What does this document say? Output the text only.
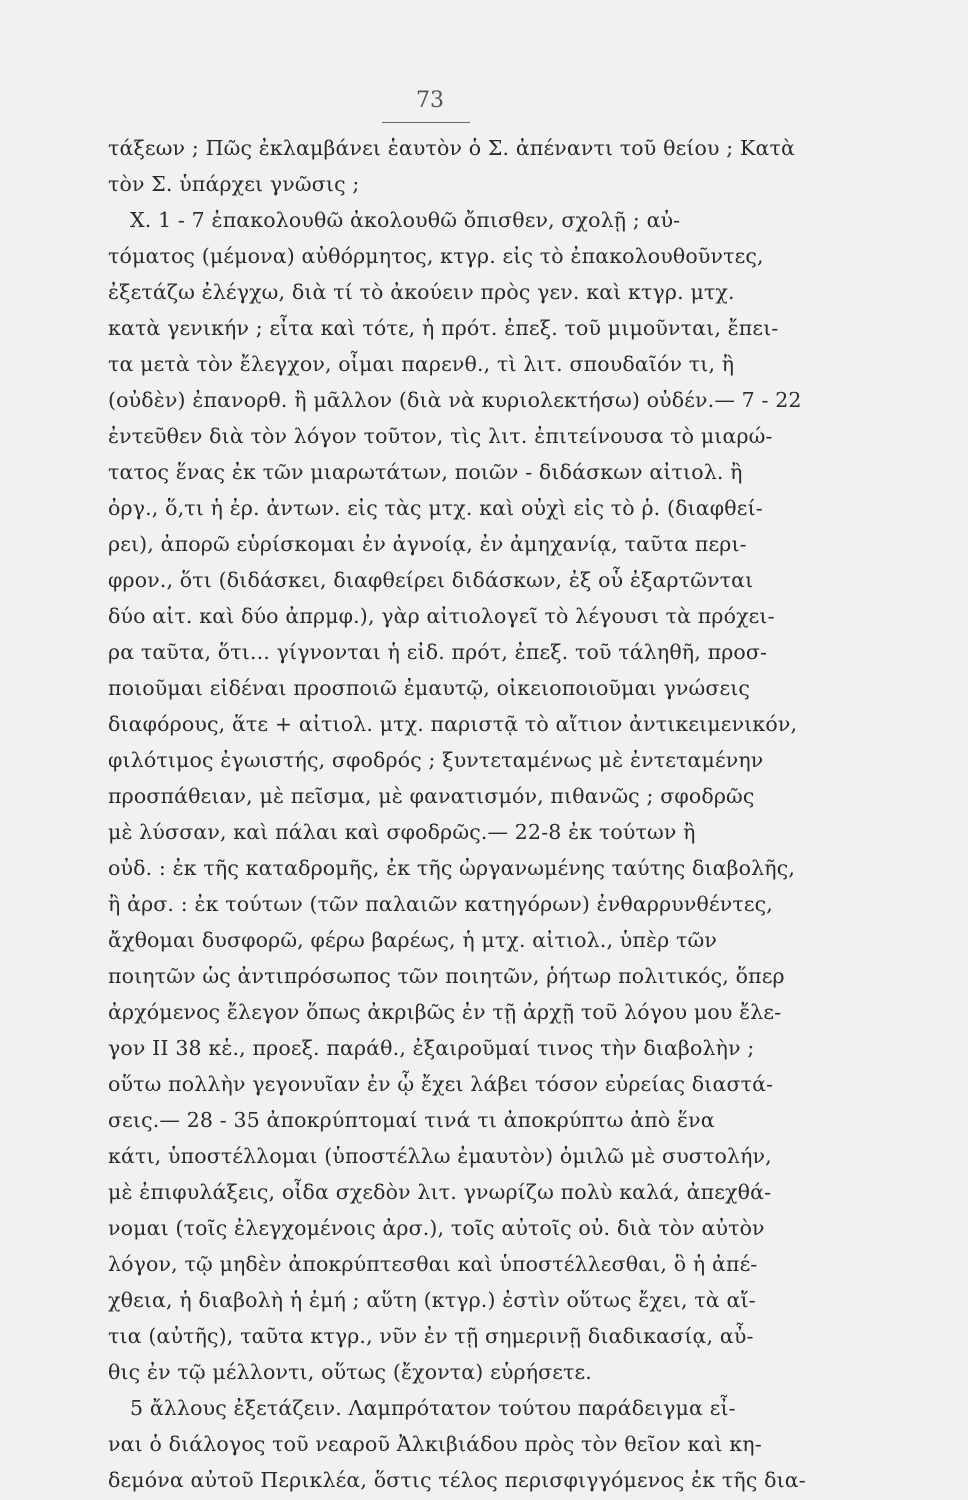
73
τάξεων ; Πῶς ἐκλαμβάνει ἑαυτὸν ὁ Σ. ἀπέναντι τοῦ θείου ; Κατὰ
τὸν Σ. ὑπάρχει γνῶσις ;
X. 1 - 7 ἐπακολουθῶ ἀκολουθῶ ὄπισθεν, σχολῇ ; αὐ-
τόματος (μέμονα) αὐθόρμητος, κτγρ. εἰς τὸ ἐπακολουθοῦντες,
ἐξετάζω ἐλέγχω, διὰ τί τὸ ἀκούειν πρὸς γεν. καὶ κτγρ. μτχ.
κατὰ γενικήν ; εἶτα καὶ τότε, ἡ πρότ. ἐπεξ. τοῦ μιμοῦνται, ἔπει-
τα μετὰ τὸν ἔλεγχον, οἶμαι παρενθ., τὶ λιτ. σπουδαῖόν τι, ἢ
(οὐδὲν) ἐπανορθ. ἢ μᾶλλον (διὰ νὰ κυριολεκτήσω) οὐδέν.— 7 - 22
ἐντεῦθεν διὰ τὸν λόγον τοῦτον, τὶς λιτ. ἐπιτείνουσα τὸ μιαρώ-
τατος ἕνας ἐκ τῶν μιαρωτάτων, ποιῶν - διδάσκων αἰτιολ. ἢ
ὀργ., ὅ,τι ἡ ἐρ. ἀντων. εἰς τὰς μτχ. καὶ οὐχὶ εἰς τὸ ῥ. (διαφθεί-
ρει), ἀπορῶ εὑρίσκομαι ἐν ἀγνοίᾳ, ἐν ἀμηχανίᾳ, ταῦτα περι-
φρον., ὅτι (διδάσκει, διαφθείρει διδάσκων, ἐξ οὗ ἐξαρτῶνται
δύο αἰτ. καὶ δύο ἀπρμφ.), γὰρ αἰτιολογεῖ τὸ λέγουσι τὰ πρόχει-
ρα ταῦτα, ὅτι... γίγνονται ἡ εἰδ. πρότ, ἐπεξ. τοῦ τάληθῆ, προσ-
ποιοῦμαι εἰδέναι προσποιῶ ἐμαυτῷ, οἰκειοποιοῦμαι γνώσεις
διαφόρους, ἅτε + αἰτιολ. μτχ. παριστᾷ τὸ αἴτιον ἀντικειμενικόν,
φιλότιμος ἐγωιστής, σφοδρός ; ξυντεταμένως μὲ ἐντεταμένην
προσπάθειαν, μὲ πεῖσμα, μὲ φανατισμόν, πιθανῶς ; σφοδρῶς
μὲ λύσσαν, καὶ πάλαι καὶ σφοδρῶς.— 22-8 ἐκ τούτων ἢ
οὐδ. : ἐκ τῆς καταδρομῆς, ἐκ τῆς ὠργανωμένης ταύτης διαβολῆς,
ἢ ἀρσ. : ἐκ τούτων (τῶν παλαιῶν κατηγόρων) ἐνθαρρυνθέντες,
ἄχθομαι δυσφορῶ, φέρω βαρέως, ἡ μτχ. αἰτιολ., ὑπὲρ τῶν
ποιητῶν ὡς ἀντιπρόσωπος τῶν ποιητῶν, ῥήτωρ πολιτικός, ὅπερ
ἀρχόμενος ἔλεγον ὅπως ἀκριβῶς ἐν τῇ ἀρχῇ τοῦ λόγου μου ἔλε-
γον II 38 κἑ., προεξ. παράθ., ἐξαιροῦμαί τινος τὴν διαβολὴν ;
οὕτω πολλὴν γεγονυῖαν ἐν ᾧ ἔχει λάβει τόσον εὐρείας διαστά-
σεις.— 28 - 35 ἀποκρύπτομαί τινά τι ἀποκρύπτω ἀπὸ ἕνα
κάτι, ὑποστέλλομαι (ὑποστέλλω ἐμαυτὸν) ὁμιλῶ μὲ συστολήν,
μὲ ἐπιφυλάξεις, οἶδα σχεδὸν λιτ. γνωρίζω πολὺ καλά, ἀπεχθά-
νομαι (τοῖς ἐλεγχομένοις ἀρσ.), τοῖς αὐτοῖς οὐ. διὰ τὸν αὐτὸν
λόγον, τῷ μηδὲν ἀποκρύπτεσθαι καὶ ὑποστέλλεσθαι, ὃ ἡ ἀπέ-
χθεια, ἡ διαβολὴ ἡ ἐμή ; αὕτη (κτγρ.) ἐστὶν οὕτως ἔχει, τὰ αἴ-
τια (αὐτῆς), ταῦτα κτγρ., νῦν ἐν τῇ σημερινῇ διαδικασίᾳ, αὖ-
θις ἐν τῷ μέλλοντι, οὕτως (ἔχοντα) εὑρήσετε.
5 ἄλλους ἐξετάζειν. Λαμπρότατον τούτου παράδειγμα εἶ-
ναι ὁ διάλογος τοῦ νεαροῦ Ἀλκιβιάδου πρὸς τὸν θεῖον καὶ κη-
δεμόνα αὐτοῦ Περικλέα, ὅστις τέλος περισφιγγόμενος ἐκ τῆς δια-
